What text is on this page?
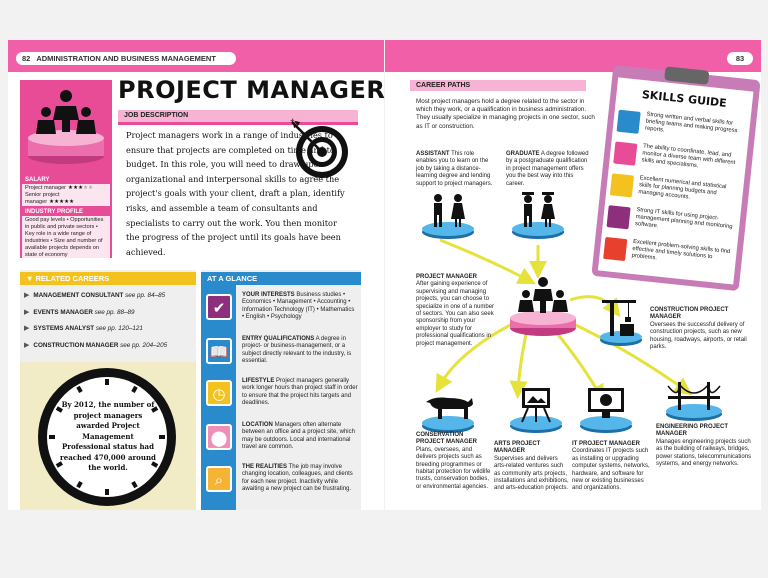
82 ADMINISTRATION AND BUSINESS MANAGEMENT	83
SALARY
Project manager ★★★★★
Senior project manager ★★★★★
INDUSTRY PROFILE
Good pay levels • Opportunities in public and private sectors • Key role in a wide range of industries • Size and number of available projects depends on state of economy
PROJECT MANAGER
JOB DESCRIPTION
Project managers work in a range of industries to ensure that projects are completed on time and to budget. In this role, you will need to draw upon organizational and interpersonal skills to agree the project's goals with your client, draft a plan, identify risks, and assemble a team of consultants and specialists to carry out the work. You then monitor the progress of the project until its goals have been achieved.
▼ RELATED CAREERS
▶ MANAGEMENT CONSULTANT
see pp. 84–85
▶ EVENTS MANAGER
see pp. 88–89
▶ SYSTEMS ANALYST
see pp. 120–121
▶ CONSTRUCTION MANAGER
see pp. 204–205
By 2012, the number of project managers awarded Project Management Professional status had reached 470,000 around the world.
AT A GLANCE
✔
YOUR INTERESTS Business studies • Economics • Management • Accounting • Information Technology (IT) • Mathematics • English • Psychology
📖
ENTRY QUALIFICATIONS A degree in project- or business-management, or a subject directly relevant to the industry, is essential.
◷
LIFESTYLE Project managers generally work longer hours than project staff in order to ensure that the project hits targets and deadlines.
⬤
LOCATION Managers often alternate between an office and a project site, which may be outdoors. Local and international travel are common.
⌕
THE REALITIES The job may involve changing location, colleagues, and clients for each new project. Inactivity while awaiting a new project can be frustrating.
CAREER PATHS
Most project managers hold a degree related to the sector in which they work, or a qualification in business administration. They usually specialize in managing projects in one sector, such as IT or construction.
ASSISTANT This role enables you to learn on the job by taking a distance-learning degree and lending support to project managers.
GRADUATE A degree followed by a postgraduate qualification in project management offers you the best way into this career.
PROJECT MANAGER
After gaining experience of supervising and managing projects, you can choose to specialize in one of a number of sectors. You can also seek sponsorship from your employer to study for professional qualifications in project management.
CONSTRUCTION PROJECT MANAGER
Oversees the successful delivery of construction projects, such as new housing, roadways, airports, or retail parks.
ENGINEERING PROJECT MANAGER
Manages engineering projects such as the building of railways, bridges, power stations, telecommunications systems, and energy networks.
CONSERVATION PROJECT MANAGER
Plans, oversees, and delivers projects such as breeding programmes or habitat protection for wildlife trusts, conservation bodies, or environmental agencies.
ARTS PROJECT MANAGER
Supervises and delivers arts-related ventures such as community arts projects, installations and exhibitions, and arts-education projects.
IT PROJECT MANAGER
Coordinates IT projects such as installing or upgrading computer systems, networks, hardware, and software for new or existing businesses and organizations.
SKILLS GUIDE
Strong written and verbal skills for briefing teams and making progress reports.
The ability to coordinate, lead, and monitor a diverse team with different skills and specialisms.
Excellent numerical and statistical skills for planning budgets and managing accounts.
Strong IT skills for using project-management planning and monitoring software.
Excellent problem-solving skills to find effective and timely solutions to problems.
